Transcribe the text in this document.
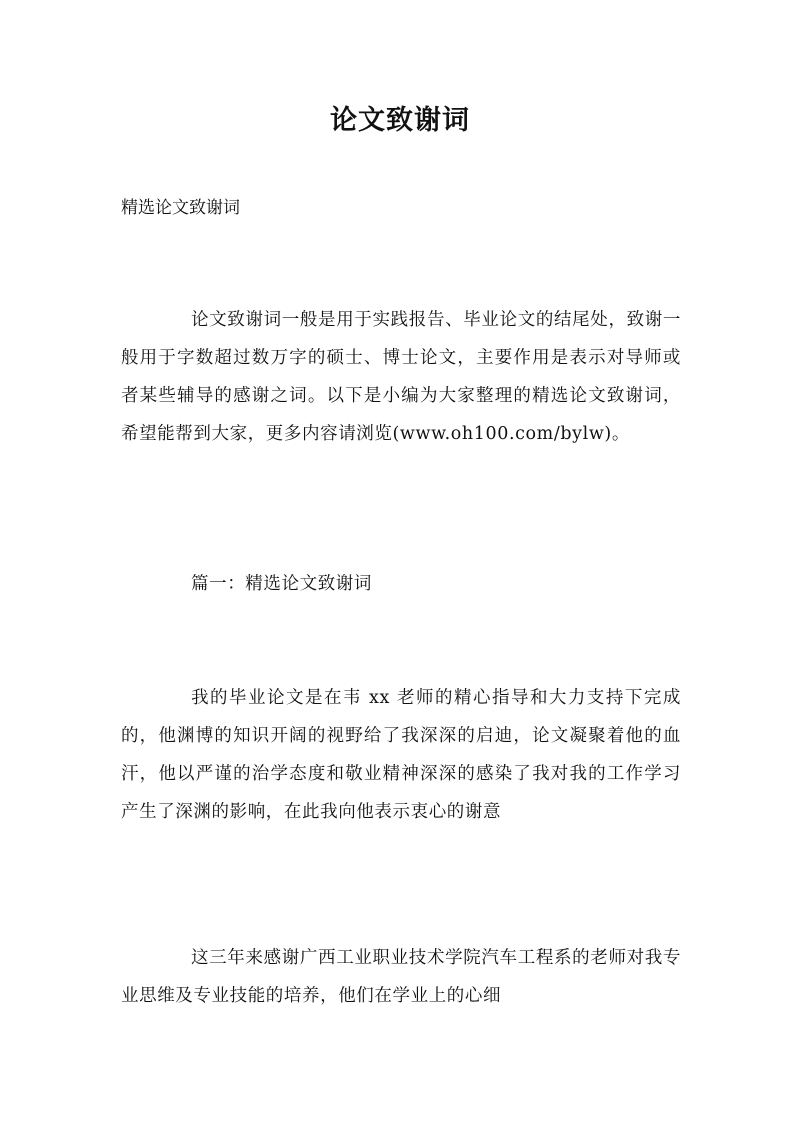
论文致谢词
精选论文致谢词

论文致谢词一般是用于实践报告、毕业论文的结尾处，致谢一般用于字数超过数万字的硕士、博士论文，主要作用是表示对导师或者某些辅导的感谢之词。以下是小编为大家整理的精选论文致谢词，希望能帮到大家，更多内容请浏览(www.oh100.com/bylw)。

篇一：精选论文致谢词

我的毕业论文是在韦 xx 老师的精心指导和大力支持下完成的，他渊博的知识开阔的视野给了我深深的启迪，论文凝聚着他的血汗，他以严谨的治学态度和敬业精神深深的感染了我对我的工作学习产生了深渊的影响，在此我向他表示衷心的谢意

这三年来感谢广西工业职业技术学院汽车工程系的老师对我专业思维及专业技能的培养，他们在学业上的心细
